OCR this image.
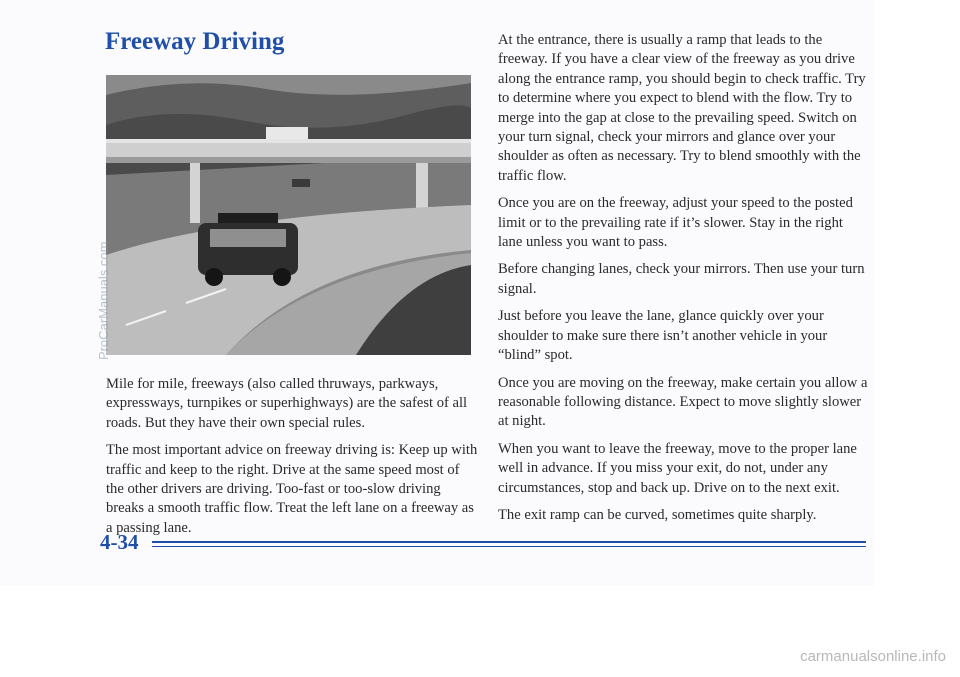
Freeway Driving

Mile for mile, freeways (also called thruways, parkways, expressways, turnpikes or superhighways) are the safest of all roads. But they have their own special rules.

The most important advice on freeway driving is: Keep up with traffic and keep to the right. Drive at the same speed most of the other drivers are driving. Too-fast or too-slow driving breaks a smooth traffic flow. Treat the left lane on a freeway as a passing lane.

At the entrance, there is usually a ramp that leads to the freeway. If you have a clear view of the freeway as you drive along the entrance ramp, you should begin to check traffic. Try to determine where you expect to blend with the flow. Try to merge into the gap at close to the prevailing speed. Switch on your turn signal, check your mirrors and glance over your shoulder as often as necessary. Try to blend smoothly with the traffic flow.

Once you are on the freeway, adjust your speed to the posted limit or to the prevailing rate if it’s slower. Stay in the right lane unless you want to pass.

Before changing lanes, check your mirrors. Then use your turn signal.

Just before you leave the lane, glance quickly over your shoulder to make sure there isn’t another vehicle in your “blind” spot.

Once you are moving on the freeway, make certain you allow a reasonable following distance. Expect to move slightly slower at night.

When you want to leave the freeway, move to the proper lane well in advance. If you miss your exit, do not, under any circumstances, stop and back up. Drive on to the next exit.

The exit ramp can be curved, sometimes quite sharply.

4-34
ProCarManuals.com
carmanualsonline.info
